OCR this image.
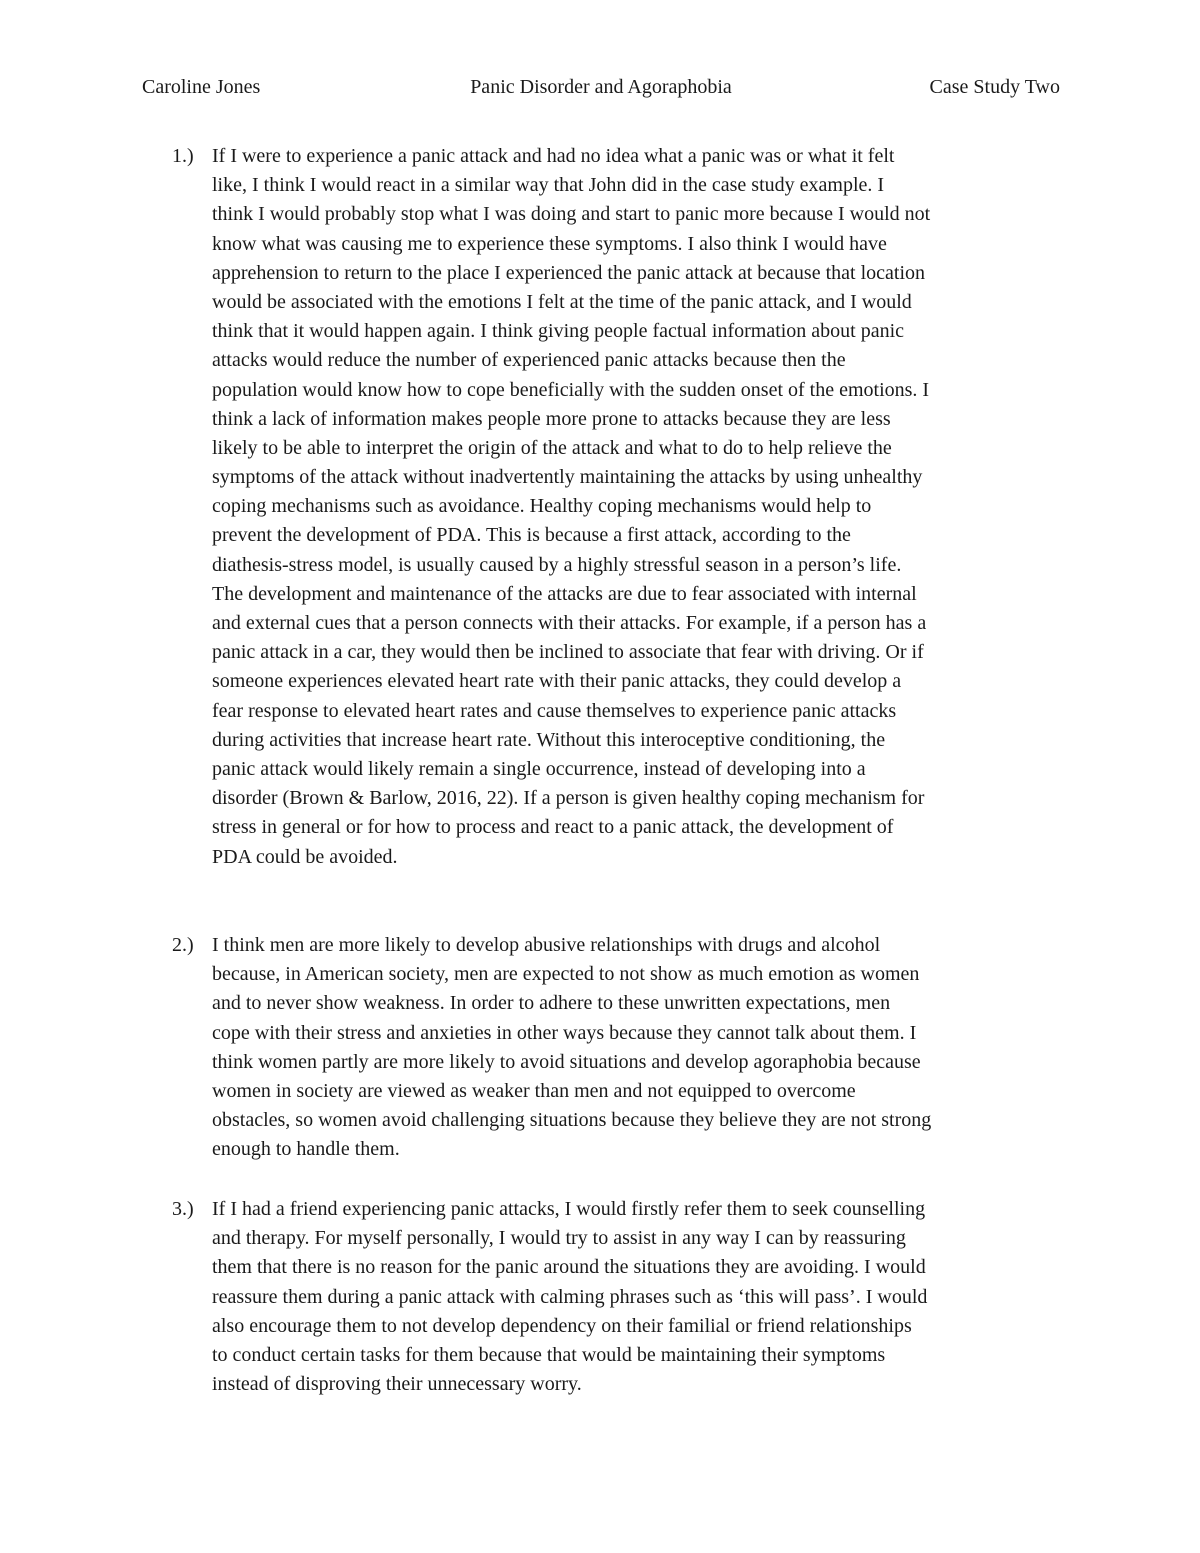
Caroline Jones	Panic Disorder and Agoraphobia	Case Study Two
1.) If I were to experience a panic attack and had no idea what a panic was or what it felt
like, I think I would react in a similar way that John did in the case study example. I
think I would probably stop what I was doing and start to panic more because I would not
know what was causing me to experience these symptoms. I also think I would have
apprehension to return to the place I experienced the panic attack at because that location
would be associated with the emotions I felt at the time of the panic attack, and I would
think that it would happen again. I think giving people factual information about panic
attacks would reduce the number of experienced panic attacks because then the
population would know how to cope beneficially with the sudden onset of the emotions. I
think a lack of information makes people more prone to attacks because they are less
likely to be able to interpret the origin of the attack and what to do to help relieve the
symptoms of the attack without inadvertently maintaining the attacks by using unhealthy
coping mechanisms such as avoidance. Healthy coping mechanisms would help to
prevent the development of PDA. This is because a first attack, according to the
diathesis-stress model, is usually caused by a highly stressful season in a person’s life.
The development and maintenance of the attacks are due to fear associated with internal
and external cues that a person connects with their attacks. For example, if a person has a
panic attack in a car, they would then be inclined to associate that fear with driving. Or if
someone experiences elevated heart rate with their panic attacks, they could develop a
fear response to elevated heart rates and cause themselves to experience panic attacks
during activities that increase heart rate. Without this interoceptive conditioning, the
panic attack would likely remain a single occurrence, instead of developing into a
disorder (Brown & Barlow, 2016, 22). If a person is given healthy coping mechanism for
stress in general or for how to process and react to a panic attack, the development of
PDA could be avoided.
2.) I think men are more likely to develop abusive relationships with drugs and alcohol
because, in American society, men are expected to not show as much emotion as women
and to never show weakness. In order to adhere to these unwritten expectations, men
cope with their stress and anxieties in other ways because they cannot talk about them. I
think women partly are more likely to avoid situations and develop agoraphobia because
women in society are viewed as weaker than men and not equipped to overcome
obstacles, so women avoid challenging situations because they believe they are not strong
enough to handle them.
3.) If I had a friend experiencing panic attacks, I would firstly refer them to seek counselling
and therapy. For myself personally, I would try to assist in any way I can by reassuring
them that there is no reason for the panic around the situations they are avoiding. I would
reassure them during a panic attack with calming phrases such as ‘this will pass’. I would
also encourage them to not develop dependency on their familial or friend relationships
to conduct certain tasks for them because that would be maintaining their symptoms
instead of disproving their unnecessary worry.
